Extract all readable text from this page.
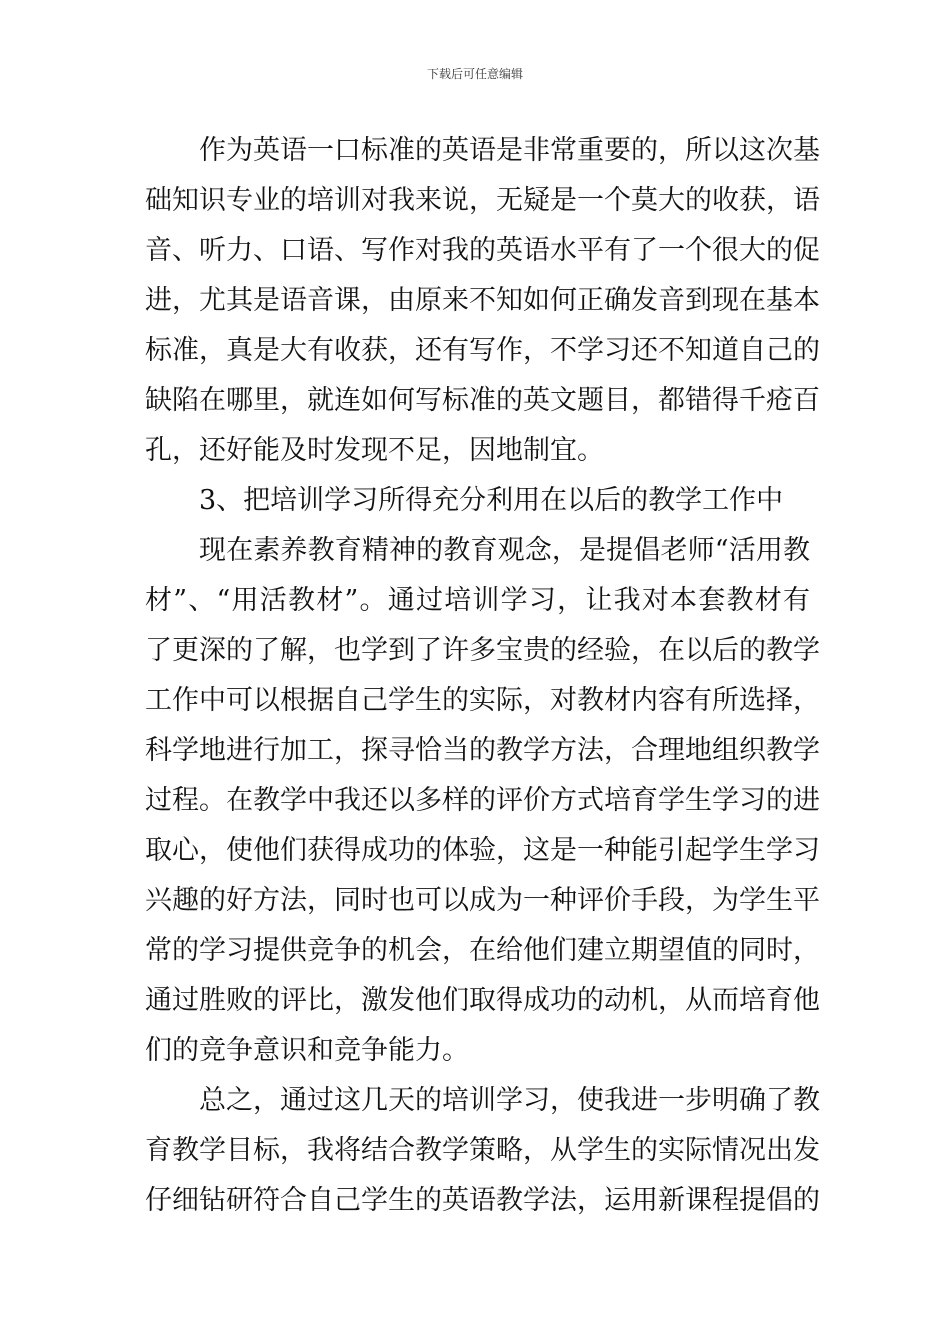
下载后可任意编辑
作为英语一口标准的英语是非常重要的，所以这次基
础知识专业的培训对我来说，无疑是一个莫大的收获，语
音、听力、口语、写作对我的英语水平有了一个很大的促
进，尤其是语音课，由原来不知如何正确发音到现在基本
标准，真是大有收获，还有写作，不学习还不知道自己的
缺陷在哪里，就连如何写标准的英文题目，都错得千疮百
孔，还好能及时发现不足，因地制宜。
3、把培训学习所得充分利用在以后的教学工作中
现在素养教育精神的教育观念，是提倡老师“活用教
材”、“用活教材”。通过培训学习，让我对本套教材有
了更深的了解，也学到了许多宝贵的经验，在以后的教学
工作中可以根据自己学生的实际，对教材内容有所选择，
科学地进行加工，探寻恰当的教学方法，合理地组织教学
过程。在教学中我还以多样的评价方式培育学生学习的进
取心，使他们获得成功的体验，这是一种能引起学生学习
兴趣的好方法，同时也可以成为一种评价手段，为学生平
常的学习提供竞争的机会，在给他们建立期望值的同时，
通过胜败的评比，激发他们取得成功的动机，从而培育他
们的竞争意识和竞争能力。
总之，通过这几天的培训学习，使我进一步明确了教
育教学目标，我将结合教学策略，从学生的实际情况出发
仔细钻研符合自己学生的英语教学法，运用新课程提倡的
